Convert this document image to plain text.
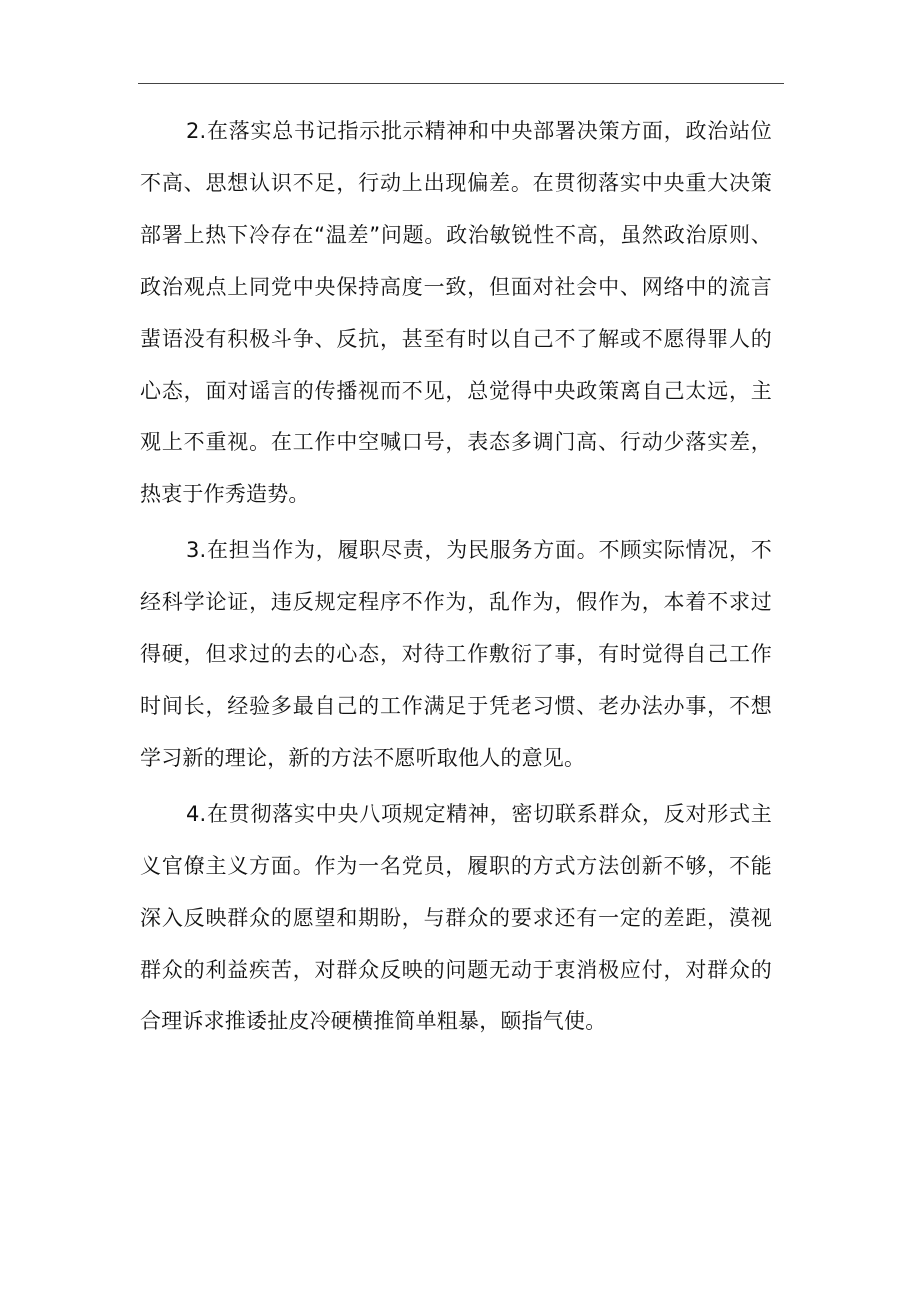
2.在落实总书记指示批示精神和中央部署决策方面，政治站位不高、思想认识不足，行动上出现偏差。在贯彻落实中央重大决策部署上热下冷存在“温差”问题。政治敏锐性不高，虽然政治原则、政治观点上同党中央保持高度一致，但面对社会中、网络中的流言蜚语没有积极斗争、反抗，甚至有时以自己不了解或不愿得罪人的心态，面对谣言的传播视而不见，总觉得中央政策离自己太远，主观上不重视。在工作中空喊口号，表态多调门高、行动少落实差，热衷于作秀造势。

3.在担当作为，履职尽责，为民服务方面。不顾实际情况，不经科学论证，违反规定程序不作为，乱作为，假作为，本着不求过得硬，但求过的去的心态，对待工作敷衍了事，有时觉得自己工作时间长，经验多最自己的工作满足于凭老习惯、老办法办事，不想学习新的理论，新的方法不愿听取他人的意见。

4.在贯彻落实中央八项规定精神，密切联系群众，反对形式主义官僚主义方面。作为一名党员，履职的方式方法创新不够，不能深入反映群众的愿望和期盼，与群众的要求还有一定的差距，漠视群众的利益疾苦，对群众反映的问题无动于衷消极应付，对群众的合理诉求推诿扯皮冷硬横推简单粗暴，颐指气使。
